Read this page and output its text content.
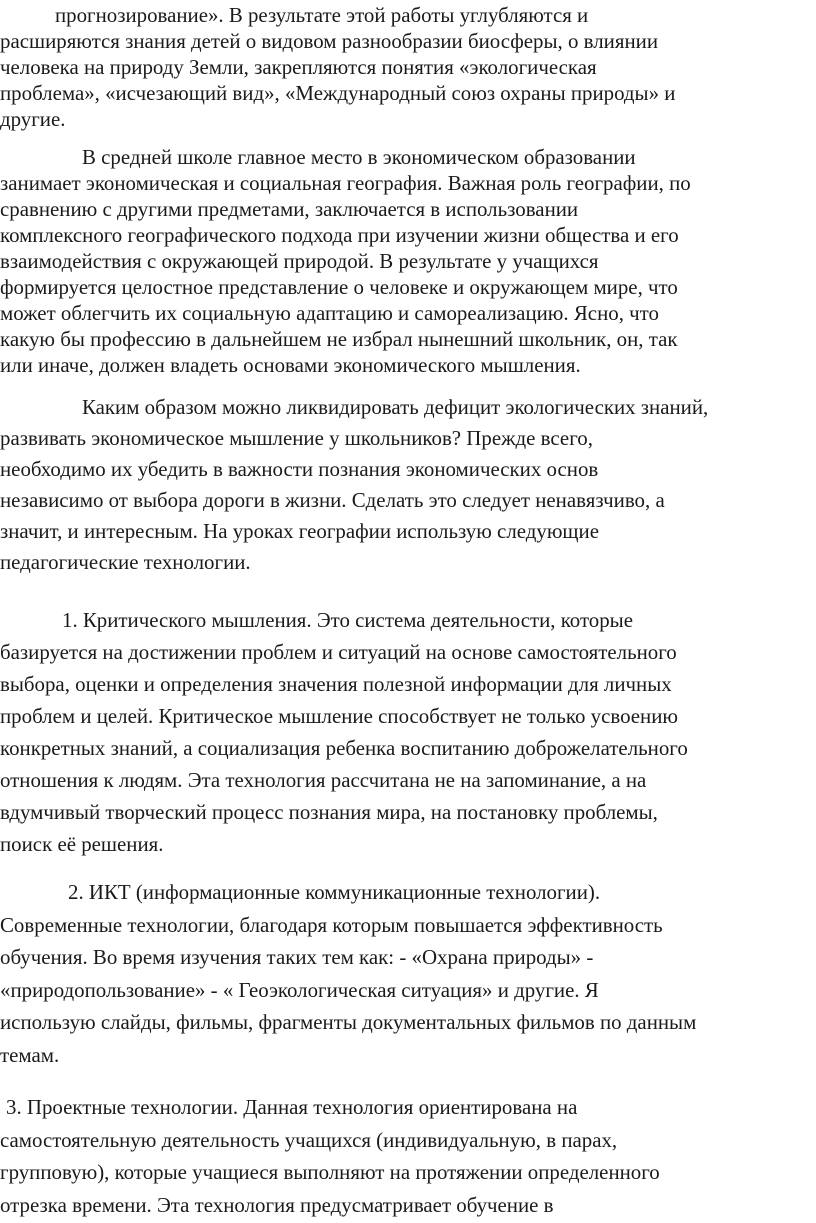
прогнозирование». В результате этой работы углубляются и
расширяются знания детей о видовом разнообразии биосферы, о влиянии
человека на природу Земли, закрепляются понятия «экологическая
проблема», «исчезающий вид», «Международный союз охраны природы» и
другие.
В средней школе главное место в экономическом образовании
занимает экономическая и социальная география. Важная роль географии, по
сравнению с другими предметами, заключается в использовании
комплексного географического подхода при изучении жизни общества и его
взаимодействия с окружающей природой. В результате у учащихся
формируется целостное представление о человеке и окружающем мире, что
может облегчить их социальную адаптацию и самореализацию. Ясно, что
какую бы профессию в дальнейшем не избрал нынешний школьник, он, так
или иначе, должен владеть основами экономического мышления.
Каким образом можно ликвидировать дефицит экологических знаний,
развивать экономическое мышление у школьников? Прежде всего,
необходимо их убедить в важности познания экономических основ
независимо от выбора дороги в жизни. Сделать это следует ненавязчиво, а
значит, и интересным. На уроках географии использую следующие
педагогические технологии.
1. Критического мышления. Это система деятельности, которые
базируется на достижении проблем и ситуаций на основе самостоятельного
выбора, оценки и определения значения полезной информации для личных
проблем и целей. Критическое мышление способствует не только усвоению
конкретных знаний, а социализация ребенка воспитанию доброжелательного
отношения к людям. Эта технология рассчитана не на запоминание, а на
вдумчивый творческий процесс познания мира, на постановку проблемы,
поиск её решения.
2. ИКТ (информационные коммуникационные технологии).
Современные технологии, благодаря которым повышается эффективность
обучения. Во время изучения таких тем как: - «Охрана природы» -
«природопользование» - « Геоэкологическая ситуация» и другие. Я
использую слайды, фильмы, фрагменты документальных фильмов по данным
темам.
3. Проектные технологии. Данная технология ориентирована на
самостоятельную деятельность учащихся (индивидуальную, в парах,
групповую), которые учащиеся выполняют на протяжении определенного
отрезка времени. Эта технология предусматривает обучение в
